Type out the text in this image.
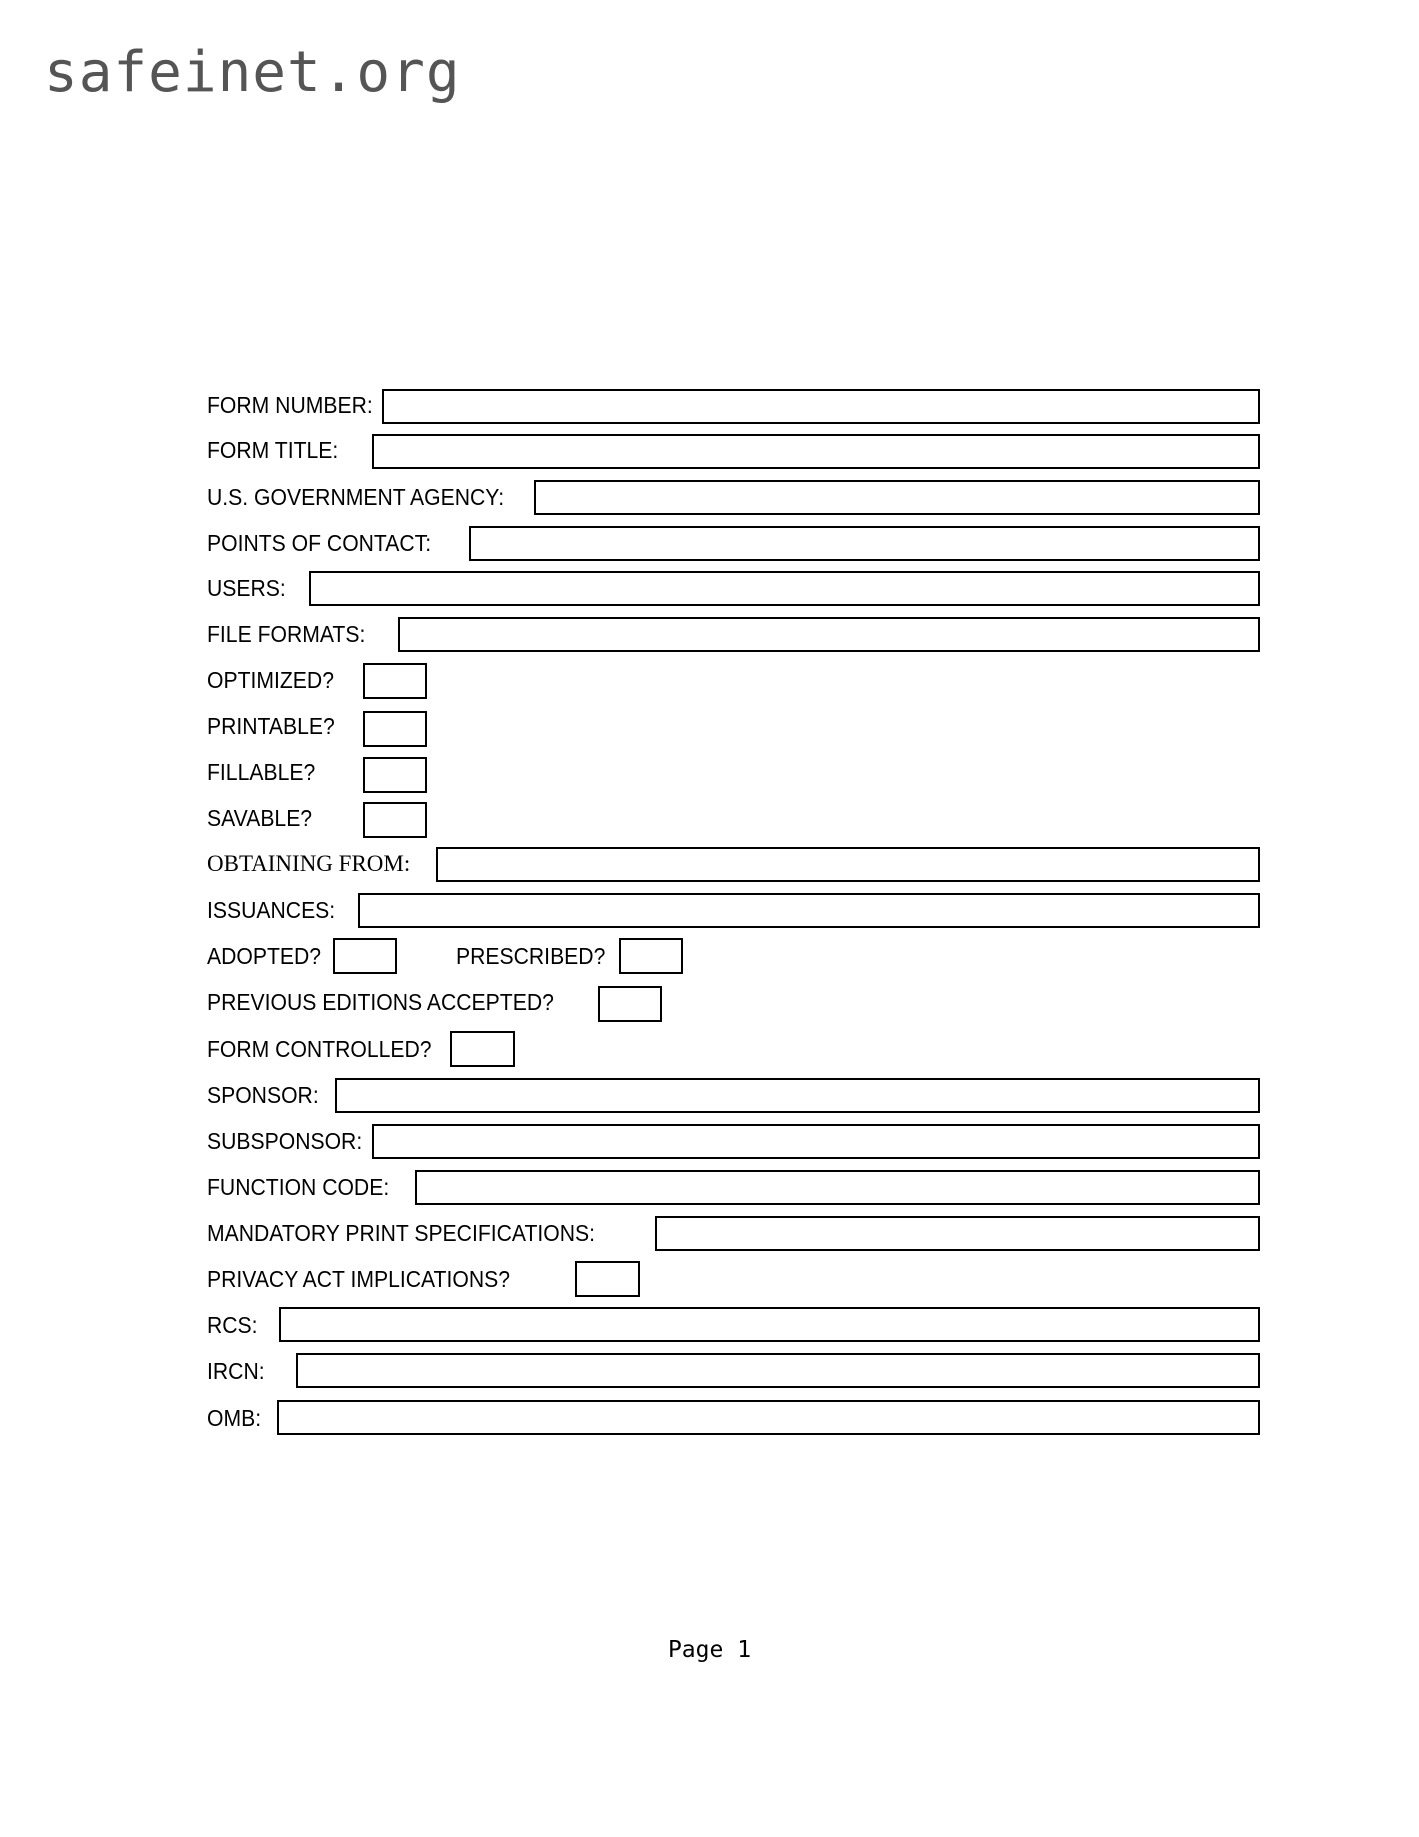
safeinet.org
FORM NUMBER:
FORM TITLE:
U.S. GOVERNMENT AGENCY:
POINTS OF CONTACT:
USERS:
FILE FORMATS:
OPTIMIZED?
PRINTABLE?
FILLABLE?
SAVABLE?
OBTAINING FROM:
ISSUANCES:
ADOPTED?	PRESCRIBED?
PREVIOUS EDITIONS ACCEPTED?
FORM CONTROLLED?
SPONSOR:
SUBSPONSOR:
FUNCTION CODE:
MANDATORY PRINT SPECIFICATIONS:
PRIVACY ACT IMPLICATIONS?
RCS:
IRCN:
OMB:
Page 1
